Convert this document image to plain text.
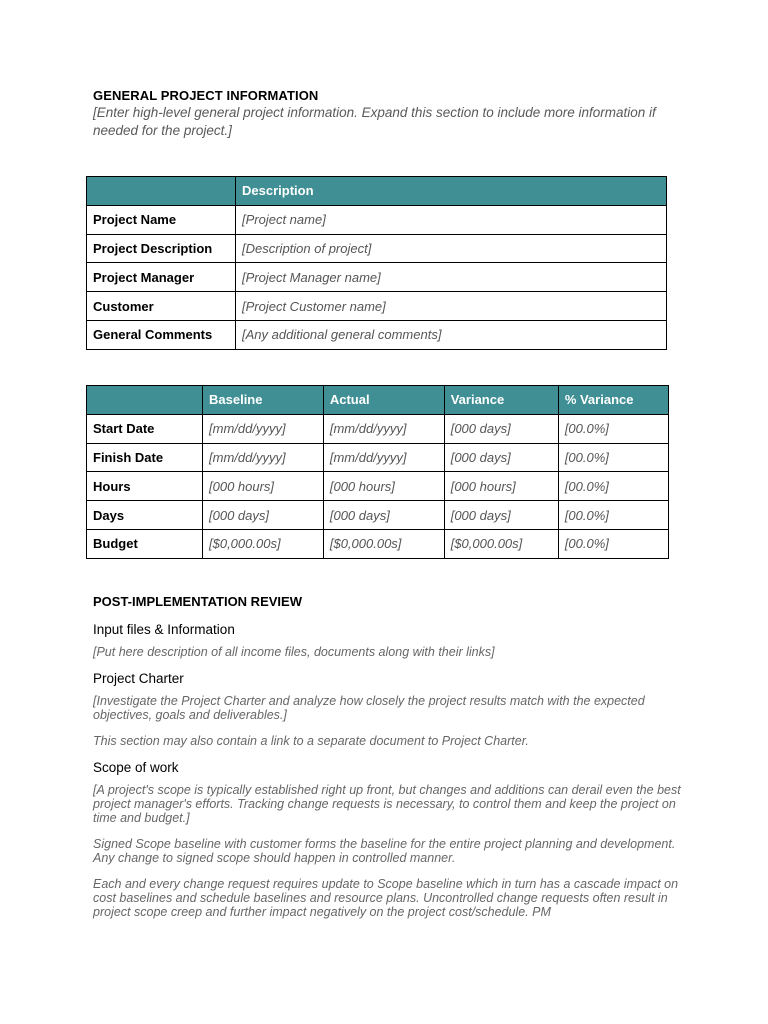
GENERAL PROJECT INFORMATION
[Enter high-level general project information. Expand this section to include more information if needed for the project.]
	Description
Project Name	[Project name]
Project Description	[Description of project]
Project Manager	[Project Manager name]
Customer	[Project Customer name]
General Comments	[Any additional general comments]
	Baseline	Actual	Variance	% Variance
Start Date	[mm/dd/yyyy]	[mm/dd/yyyy]	[000 days]	[00.0%]
Finish Date	[mm/dd/yyyy]	[mm/dd/yyyy]	[000 days]	[00.0%]
Hours	[000 hours]	[000 hours]	[000 hours]	[00.0%]
Days	[000 days]	[000 days]	[000 days]	[00.0%]
Budget	[$0,000.00s]	[$0,000.00s]	[$0,000.00s]	[00.0%]
POST-IMPLEMENTATION REVIEW
Input files & Information
[Put here description of all income files, documents along with their links]
Project Charter
[Investigate the Project Charter and analyze how closely the project results match with the expected objectives, goals and deliverables.]
This section may also contain a link to a separate document to Project Charter.
Scope of work
[A project's scope is typically established right up front, but changes and additions can derail even the best project manager's efforts. Tracking change requests is necessary, to control them and keep the project on time and budget.]
Signed Scope baseline with customer forms the baseline for the entire project planning and development. Any change to signed scope should happen in controlled manner.
Each and every change request requires update to Scope baseline which in turn has a cascade impact on cost baselines and schedule baselines and resource plans. Uncontrolled change requests often result in project scope creep and further impact negatively on the project cost/schedule. PM
